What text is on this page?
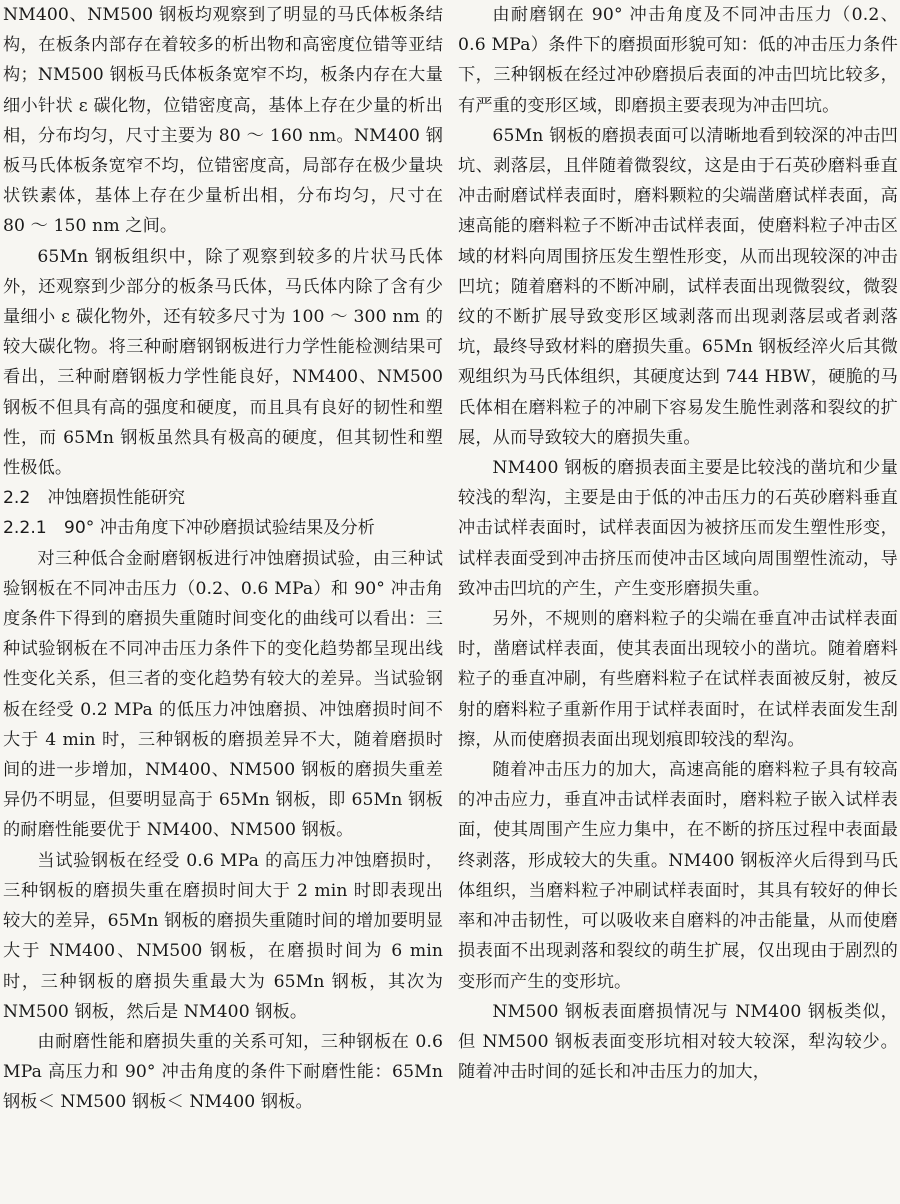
NM400、NM500 钢板均观察到了明显的马氏体板条结构，在板条内部存在着较多的析出物和高密度位错等亚结构；NM500 钢板马氏体板条宽窄不均，板条内存在大量细小针状 ε 碳化物，位错密度高，基体上存在少量的析出相，分布均匀，尺寸主要为 80 ～ 160 nm。NM400 钢板马氏体板条宽窄不均，位错密度高，局部存在极少量块状铁素体，基体上存在少量析出相，分布均匀，尺寸在 80 ～ 150 nm 之间。

65Mn 钢板组织中，除了观察到较多的片状马氏体外，还观察到少部分的板条马氏体，马氏体内除了含有少量细小 ε 碳化物外，还有较多尺寸为 100 ～ 300 nm 的较大碳化物。将三种耐磨钢钢板进行力学性能检测结果可看出，三种耐磨钢板力学性能良好，NM400、NM500 钢板不但具有高的强度和硬度，而且具有良好的韧性和塑性，而 65Mn 钢板虽然具有极高的硬度，但其韧性和塑性极低。

2.2　冲蚀磨损性能研究
2.2.1　90° 冲击角度下冲砂磨损试验结果及分析

对三种低合金耐磨钢板进行冲蚀磨损试验，由三种试验钢板在不同冲击压力（0.2、0.6 MPa）和 90° 冲击角度条件下得到的磨损失重随时间变化的曲线可以看出：三种试验钢板在不同冲击压力条件下的变化趋势都呈现出线性变化关系，但三者的变化趋势有较大的差异。当试验钢板在经受 0.2 MPa 的低压力冲蚀磨损、冲蚀磨损时间不大于 4 min 时，三种钢板的磨损差异不大，随着磨损时间的进一步增加，NM400、NM500 钢板的磨损失重差异仍不明显，但要明显高于 65Mn 钢板，即 65Mn 钢板的耐磨性能要优于 NM400、NM500 钢板。

当试验钢板在经受 0.6 MPa 的高压力冲蚀磨损时，三种钢板的磨损失重在磨损时间大于 2 min 时即表现出较大的差异，65Mn 钢板的磨损失重随时间的增加要明显大于 NM400、NM500 钢板，在磨损时间为 6 min 时，三种钢板的磨损失重最大为 65Mn 钢板，其次为 NM500 钢板，然后是 NM400 钢板。

由耐磨性能和磨损失重的关系可知，三种钢板在 0.6 MPa 高压力和 90° 冲击角度的条件下耐磨性能：65Mn 钢板＜ NM500 钢板＜ NM400 钢板。

由耐磨钢在 90° 冲击角度及不同冲击压力（0.2、0.6 MPa）条件下的磨损面形貌可知：低的冲击压力条件下，三种钢板在经过冲砂磨损后表面的冲击凹坑比较多，有严重的变形区域，即磨损主要表现为冲击凹坑。

65Mn 钢板的磨损表面可以清晰地看到较深的冲击凹坑、剥落层，且伴随着微裂纹，这是由于石英砂磨料垂直冲击耐磨试样表面时，磨料颗粒的尖端凿磨试样表面，高速高能的磨料粒子不断冲击试样表面，使磨料粒子冲击区域的材料向周围挤压发生塑性形变，从而出现较深的冲击凹坑；随着磨料的不断冲刷，试样表面出现微裂纹，微裂纹的不断扩展导致变形区域剥落而出现剥落层或者剥落坑，最终导致材料的磨损失重。65Mn 钢板经淬火后其微观组织为马氏体组织，其硬度达到 744 HBW，硬脆的马氏体相在磨料粒子的冲刷下容易发生脆性剥落和裂纹的扩展，从而导致较大的磨损失重。

NM400 钢板的磨损表面主要是比较浅的凿坑和少量较浅的犁沟，主要是由于低的冲击压力的石英砂磨料垂直冲击试样表面时，试样表面因为被挤压而发生塑性形变，试样表面受到冲击挤压而使冲击区域向周围塑性流动，导致冲击凹坑的产生，产生变形磨损失重。

另外，不规则的磨料粒子的尖端在垂直冲击试样表面时，凿磨试样表面，使其表面出现较小的凿坑。随着磨料粒子的垂直冲刷，有些磨料粒子在试样表面被反射，被反射的磨料粒子重新作用于试样表面时，在试样表面发生刮擦，从而使磨损表面出现划痕即较浅的犁沟。

随着冲击压力的加大，高速高能的磨料粒子具有较高的冲击应力，垂直冲击试样表面时，磨料粒子嵌入试样表面，使其周围产生应力集中，在不断的挤压过程中表面最终剥落，形成较大的失重。NM400 钢板淬火后得到马氏体组织，当磨料粒子冲刷试样表面时，其具有较好的伸长率和冲击韧性，可以吸收来自磨料的冲击能量，从而使磨损表面不出现剥落和裂纹的萌生扩展，仅出现由于剧烈的变形而产生的变形坑。

NM500 钢板表面磨损情况与 NM400 钢板类似，但 NM500 钢板表面变形坑相对较大较深，犁沟较少。随着冲击时间的延长和冲击压力的加大，
